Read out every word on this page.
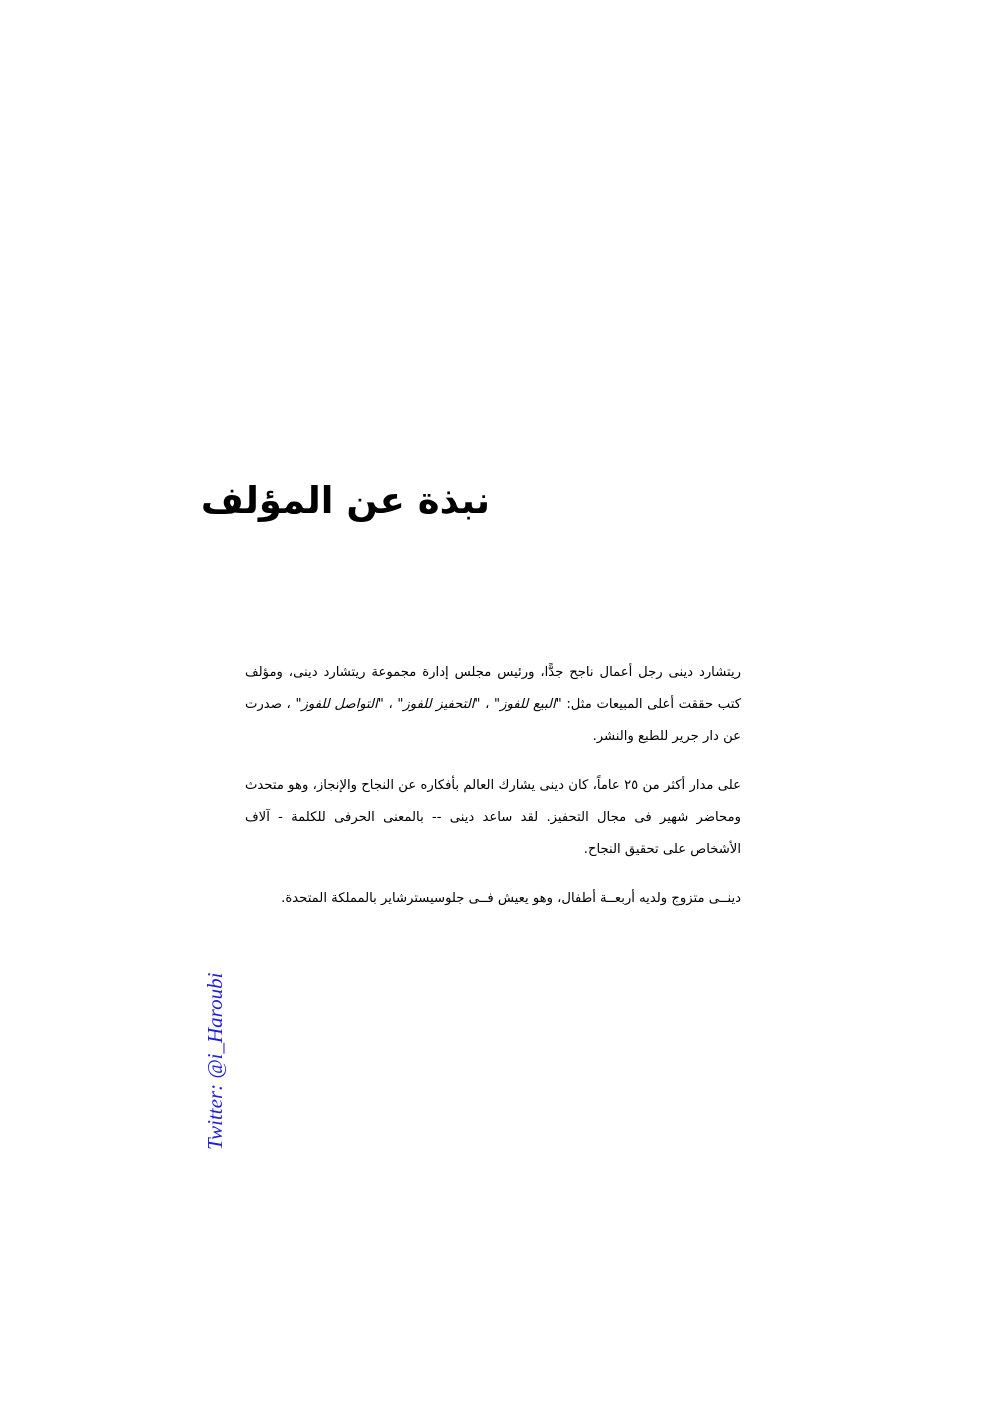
نبذة عن المؤلف

ريتشارد دينى رجل أعمال ناجح جدًّا، ورئيس مجلس إدارة مجموعة ريتشارد دينى، ومؤلف كتب حققت أعلى المبيعات مثل: "البيع للفوز" ، "التحفيز للفوز" ، "التواصل للفوز" ، صدرت عن دار جرير للطبع والنشر.

على مدار أكثر من ٢٥ عاماً، كان دينى يشارك العالم بأفكاره عن النجاح والإنجاز، وهو متحدث ومحاضر شهير فى مجال التحفيز. لقد ساعد دينى -- بالمعنى الحرفى للكلمة - آلاف الأشخاص على تحقيق النجاح.

دينــى متزوج ولديه أربعــة أطفال، وهو يعيش فــى جلوسيسترشاير بالمملكة المتحدة.

Twitter: @i_Haroubi
